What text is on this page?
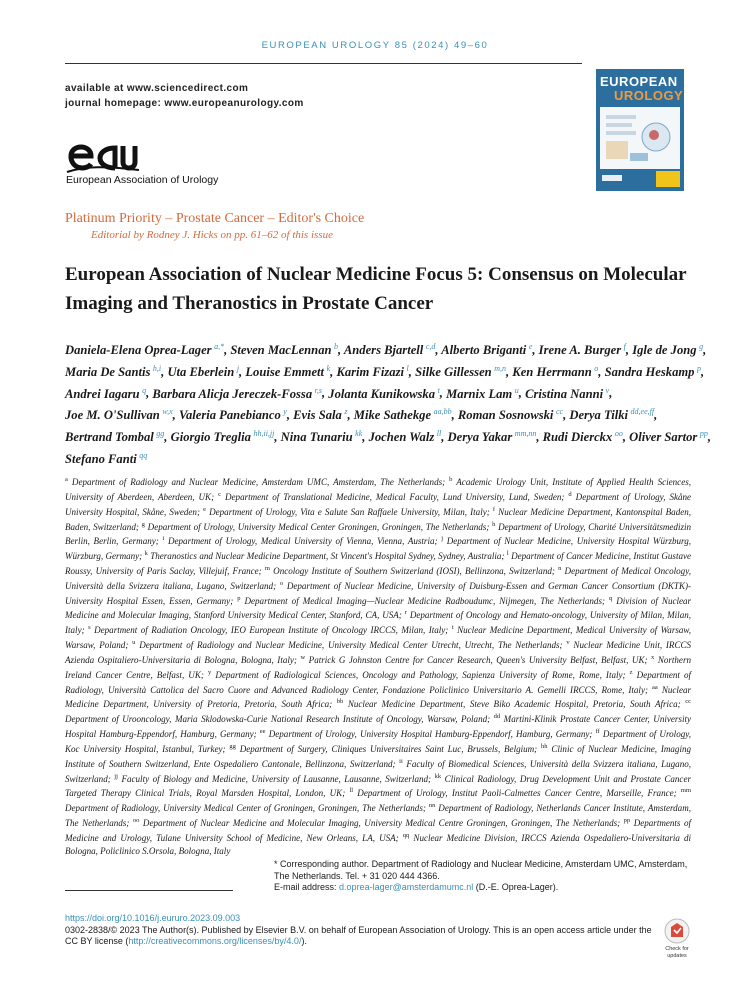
EUROPEAN UROLOGY 85 (2024) 49–60
available at www.sciencedirect.com
journal homepage: www.europeanurology.com
European Association of Urology
EUROPEAN
UROLOGY
Platinum Priority – Prostate Cancer – Editor's Choice
Editorial by Rodney J. Hicks on pp. 61–62 of this issue
European Association of Nuclear Medicine Focus 5: Consensus on Molecular Imaging and Theranostics in Prostate Cancer
Daniela-Elena Oprea-Lager  $^{a,*}$, Steven MacLennan  $^b$, Anders Bjartell  $^{c,d}$, Alberto Briganti  $^e$, Irene A. Burger  $^f$, Igle de Jong  $^g$, Maria De Santis  $^{h,i}$, Uta Eberlein  $^j$, Louise Emmett  $^k$, Karim Fizazi  $^l$, Silke Gillessen  $^{m,n}$, Ken Herrmann  $^o$, Sandra Heskamp  $^p$, Andrei Iagaru  $^q$, Barbara Alicja Jereczek-Fossa  $^{r,s}$, Jolanta Kunikowska  $^t$, Marnix Lam  $^u$, Cristina Nanni  $^v$, Joe M. O'Sullivan  $^{w,x}$, Valeria Panebianco  $^y$, Evis Sala  $^z$, Mike Sathekge  $^{aa,bb}$, Roman Sosnowski  $^{cc}$, Derya Tilki  $^{dd,ee,ff}$, Bertrand Tombal  $^{gg}$, Giorgio Treglia  $^{hh,ii,jj}$, Nina Tunariu  $^{kk}$, Jochen Walz  $^{ll}$, Derya Yakar  $^{mm,nn}$, Rudi Dierckx  $^{oo}$, Oliver Sartor  $^{pp}$, Stefano Fanti  $^{qq}$
$^a$ Department of Radiology and Nuclear Medicine, Amsterdam UMC, Amsterdam, The Netherlands; $^b$ Academic Urology Unit, Institute of Applied Health Sciences, University of Aberdeen, Aberdeen, UK; $^c$ Department of Translational Medicine, Medical Faculty, Lund University, Lund, Sweden; $^d$ Department of Urology, Skåne University Hospital, Skåne, Sweden; $^e$ Department of Urology, Vita e Salute San Raffaele University, Milan, Italy; $^f$ Nuclear Medicine Department, Kantonspital Baden, Baden, Switzerland; $^g$ Department of Urology, University Medical Center Groningen, Groningen, The Netherlands; $^h$ Department of Urology, Charité Universitätsmedizin Berlin, Berlin, Germany; $^i$ Department of Urology, Medical University of Vienna, Vienna, Austria; $^j$ Department of Nuclear Medicine, University Hospital Würzburg, Würzburg, Germany; $^k$ Theranostics and Nuclear Medicine Department, St Vincent's Hospital Sydney, Sydney, Australia; $^l$ Department of Cancer Medicine, Institut Gustave Roussy, University of Paris Saclay, Villejuif, France; $^m$ Oncology Institute of Southern Switzerland (IOSI), Bellinzona, Switzerland; $^n$ Department of Medical Oncology, Università della Svizzera italiana, Lugano, Switzerland; $^o$ Department of Nuclear Medicine, University of Duisburg-Essen and German Cancer Consortium (DKTK)-University Hospital Essen, Essen, Germany; $^p$ Department of Medical Imaging—Nuclear Medicine Radboudumc, Nijmegen, The Netherlands; $^q$ Division of Nuclear Medicine and Molecular Imaging, Stanford University Medical Center, Stanford, CA, USA; $^r$ Department of Oncology and Hemato-oncology, University of Milan, Milan, Italy; $^s$ Department of Radiation Oncology, IEO European Institute of Oncology IRCCS, Milan, Italy; $^t$ Nuclear Medicine Department, Medical University of Warsaw, Warsaw, Poland; $^u$ Department of Radiology and Nuclear Medicine, University Medical Center Utrecht, Utrecht, The Netherlands; $^v$ Nuclear Medicine Unit, IRCCS Azienda Ospitaliero-Universitaria di Bologna, Bologna, Italy; $^w$ Patrick G Johnston Centre for Cancer Research, Queen's University Belfast, Belfast, UK; $^x$ Northern Ireland Cancer Centre, Belfast, UK; $^y$ Department of Radiological Sciences, Oncology and Pathology, Sapienza University of Rome, Rome, Italy; $^z$ Department of Radiology, Università Cattolica del Sacro Cuore and Advanced Radiology Center, Fondazione Policlinico Universitario A. Gemelli IRCCS, Rome, Italy; $^{aa}$ Nuclear Medicine Department, University of Pretoria, Pretoria, South Africa; $^{bb}$ Nuclear Medicine Department, Steve Biko Academic Hospital, Pretoria, South Africa; $^{cc}$ Department of Urooncology, Maria Sklodowska-Curie National Research Institute of Oncology, Warsaw, Poland; $^{dd}$ Martini-Klinik Prostate Cancer Center, University Hospital Hamburg-Eppendorf, Hamburg, Germany; $^{ee}$ Department of Urology, University Hospital Hamburg-Eppendorf, Hamburg, Germany; $^{ff}$ Department of Urology, Koc University Hospital, Istanbul, Turkey; $^{gg}$ Department of Surgery, Cliniques Universitaires Saint Luc, Brussels, Belgium; $^{hh}$ Clinic of Nuclear Medicine, Imaging Institute of Southern Switzerland, Ente Ospedaliero Cantonale, Bellinzona, Switzerland; $^{ii}$ Faculty of Biomedical Sciences, Università della Svizzera italiana, Lugano, Switzerland; $^{jj}$ Faculty of Biology and Medicine, University of Lausanne, Lausanne, Switzerland; $^{kk}$ Clinical Radiology, Drug Development Unit and Prostate Cancer Targeted Therapy Clinical Trials, Royal Marsden Hospital, London, UK; $^{ll}$ Department of Urology, Institut Paoli-Calmettes Cancer Centre, Marseille, France; $^{mm}$ Department of Radiology, University Medical Center of Groningen, Groningen, The Netherlands; $^{nn}$ Department of Radiology, Netherlands Cancer Institute, Amsterdam, The Netherlands; $^{oo}$ Department of Nuclear Medicine and Molecular Imaging, University Medical Centre Groningen, Groningen, The Netherlands; $^{pp}$ Departments of Medicine and Urology, Tulane University School of Medicine, New Orleans, LA, USA; $^{qq}$ Nuclear Medicine Division, IRCCS Azienda Ospedaliero-Universitaria di Bologna, Policlinico S.Orsola, Bologna, Italy
* Corresponding author. Department of Radiology and Nuclear Medicine, Amsterdam UMC, Amsterdam, The Netherlands. Tel. + 31 020 444 4366.
E-mail address: d.oprea-lager@amsterdamumc.nl (D.-E. Oprea-Lager).
https://doi.org/10.1016/j.eururo.2023.09.003
0302-2838/© 2023 The Author(s). Published by Elsevier B.V. on behalf of European Association of Urology. This is an open access article under the CC BY license (http://creativecommons.org/licenses/by/4.0/).
Check for
updates
